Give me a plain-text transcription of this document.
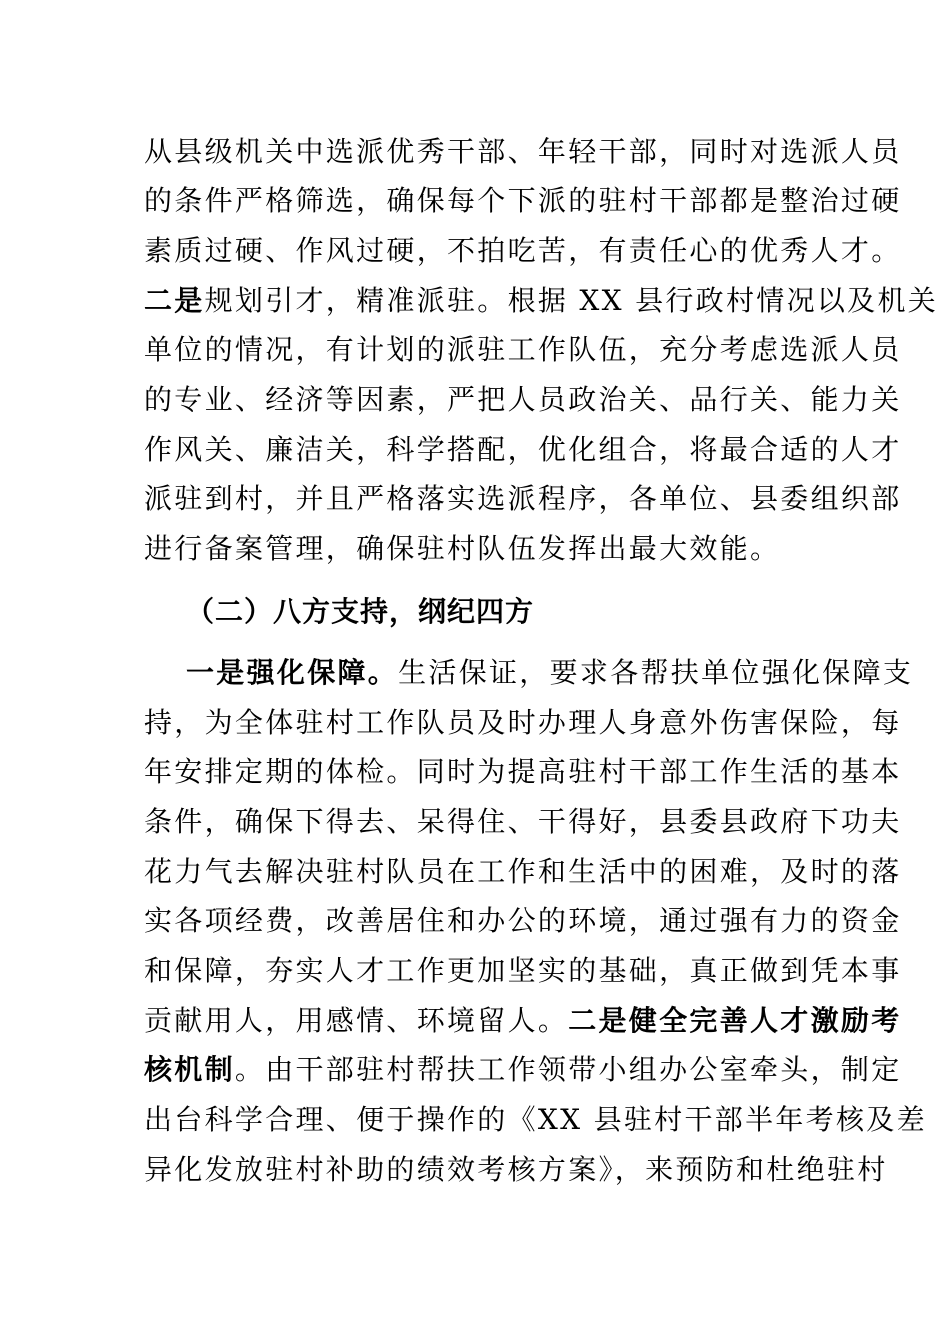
从县级机关中选派优秀干部、年轻干部，同时对选派人员
的条件严格筛选，确保每个下派的驻村干部都是整治过硬
素质过硬、作风过硬，不拍吃苦，有责任心的优秀人才。
二是规划引才，精准派驻。根据 XX 县行政村情况以及机关
单位的情况，有计划的派驻工作队伍，充分考虑选派人员
的专业、经济等因素，严把人员政治关、品行关、能力关
作风关、廉洁关，科学搭配，优化组合，将最合适的人才
派驻到村，并且严格落实选派程序，各单位、县委组织部
进行备案管理，确保驻村队伍发挥出最大效能。
（二）八方支持，纲纪四方
一是强化保障。生活保证，要求各帮扶单位强化保障支
持，为全体驻村工作队员及时办理人身意外伤害保险，每
年安排定期的体检。同时为提高驻村干部工作生活的基本
条件，确保下得去、呆得住、干得好，县委县政府下功夫
花力气去解决驻村队员在工作和生活中的困难，及时的落
实各项经费，改善居住和办公的环境，通过强有力的资金
和保障，夯实人才工作更加坚实的基础，真正做到凭本事
贡献用人，用感情、环境留人。二是健全完善人才激励考
核机制。由干部驻村帮扶工作领带小组办公室牵头，制定
出台科学合理、便于操作的《XX 县驻村干部半年考核及差
异化发放驻村补助的绩效考核方案》，来预防和杜绝驻村
